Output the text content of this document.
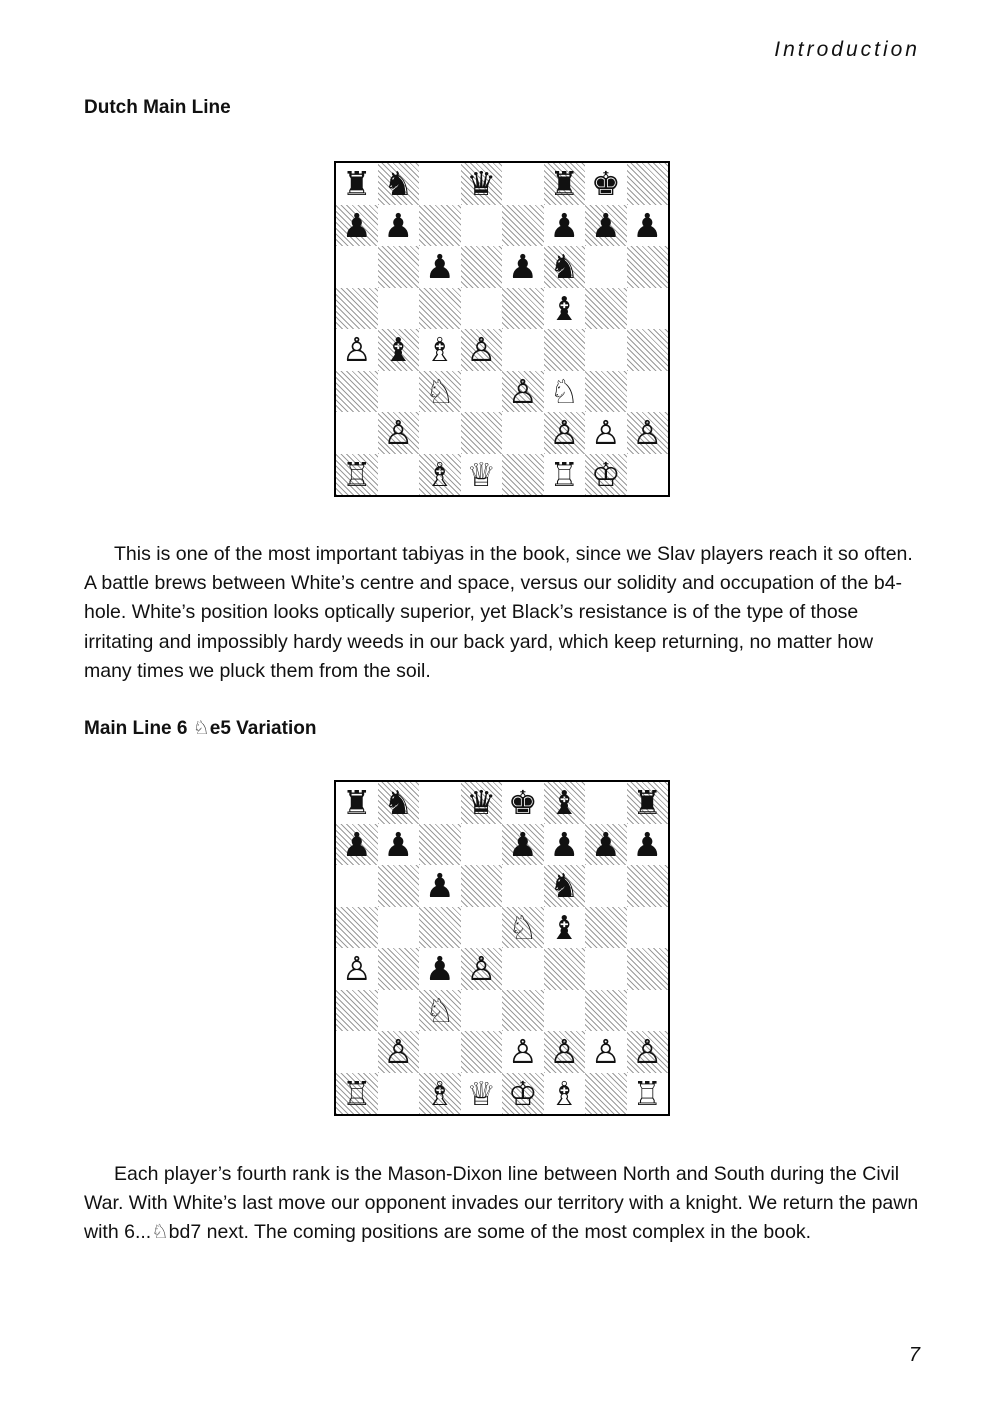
Introduction
Dutch Main Line
♜ ♞ ♛ ♜ ♚
♟ ♟	♟ ♟ ♟
♟ ♟ ♞
♝
♙ ♝ ♗ ♙
♘ ♙ ♘
♙	♙ ♙ ♙
♖ ♗ ♕ ♖ ♔

This is one of the most important tabiyas in the book, since we Slav players reach it so often. A battle brews between White’s centre and space, versus our solidity and occupation of the b4-hole. White’s position looks optically superior, yet Black’s resistance is of the type of those irritating and impossibly hardy weeds in our back yard, which keep returning, no matter how many times we pluck them from the soil.

Main Line 6 ♘e5 Variation
♜ ♞ ♛ ♚ ♝ ♜
♟ ♟	♟ ♟ ♟ ♟
♟	♞
♘ ♝
♙ ♟ ♙
♘
♙	♙ ♙ ♙ ♙
♖ ♗ ♕ ♔ ♗ ♖

Each player’s fourth rank is the Mason-Dixon line between North and South during the Civil War. With White’s last move our opponent invades our territory with a knight. We return the pawn with 6...♘bd7 next. The coming positions are some of the most complex in the book.

7
